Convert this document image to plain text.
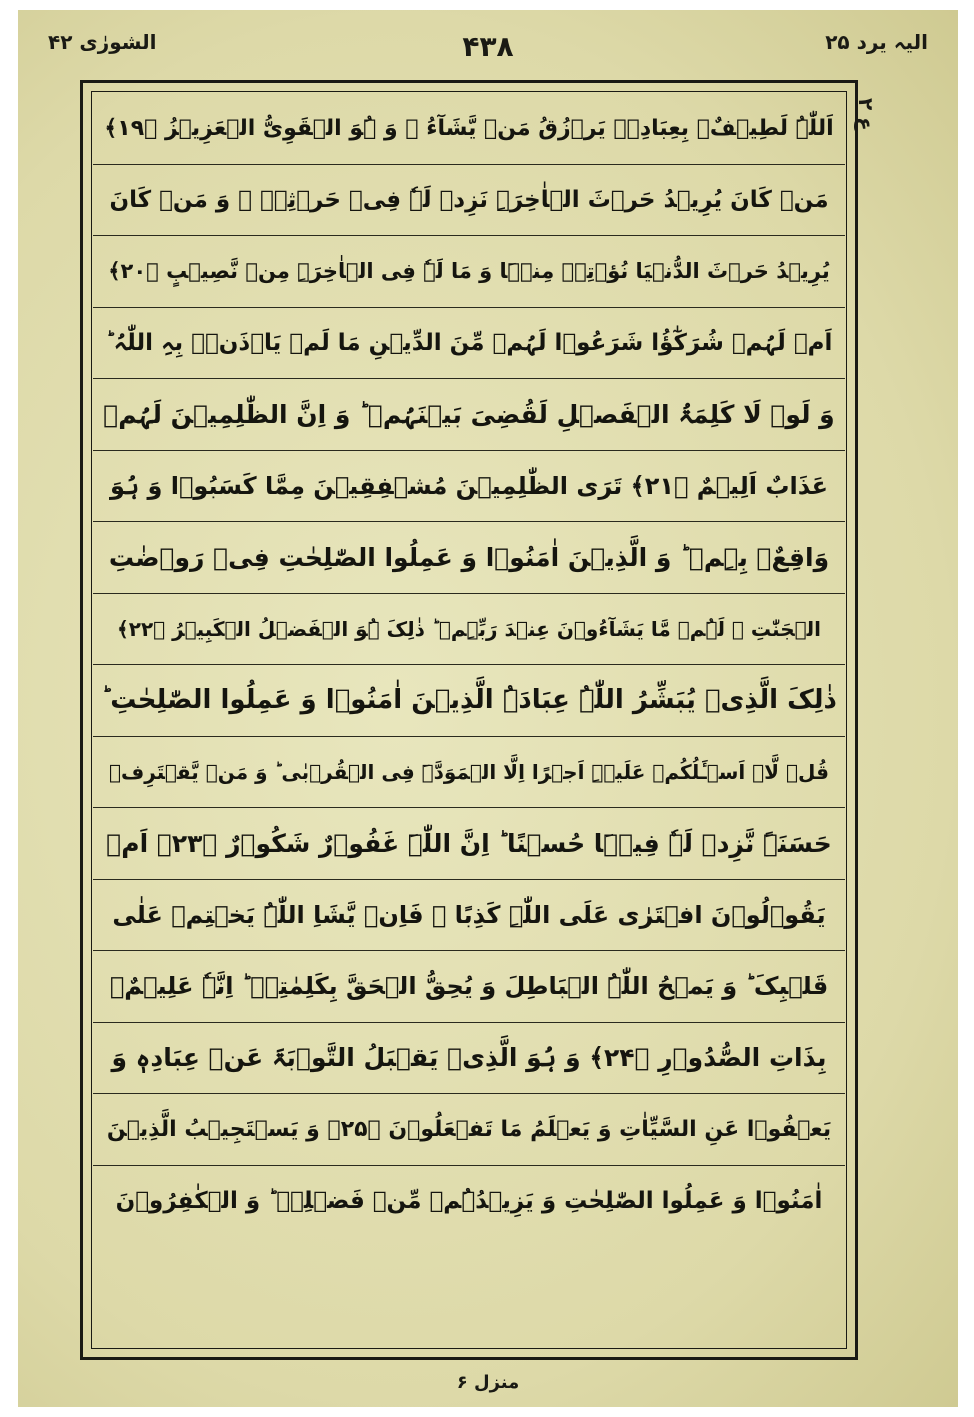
الشورٰی ۴۲	۴۳۸	الیہ یرد ۲۵
ع ۲
اَللّٰہُ لَطِیۡفٌۢ بِعِبَادِہٖ یَرۡزُقُ مَنۡ یَّشَآءُ ۚ وَ ہُوَ الۡقَوِیُّ الۡعَزِیۡزُ ﴿۱۹﴾
مَنۡ کَانَ یُرِیۡدُ حَرۡثَ الۡاٰخِرَۃِ نَزِدۡ لَہٗ فِیۡ حَرۡثِہٖ ۚ وَ مَنۡ کَانَ
یُرِیۡدُ حَرۡثَ الدُّنۡیَا نُؤۡتِہٖ مِنۡہَا وَ مَا لَہٗ فِی الۡاٰخِرَۃِ مِنۡ نَّصِیۡبٍ ﴿۲۰﴾
اَمۡ لَہُمۡ شُرَکٰٓؤُا شَرَعُوۡا لَہُمۡ مِّنَ الدِّیۡنِ مَا لَمۡ یَاۡذَنۡۢ بِہِ اللّٰہُ ؕ
وَ لَوۡ لَا کَلِمَۃُ الۡفَصۡلِ لَقُضِیَ بَیۡنَہُمۡ ؕ وَ اِنَّ الظّٰلِمِیۡنَ لَہُمۡ
عَذَابٌ اَلِیۡمٌ ﴿۲۱﴾ تَرَی الظّٰلِمِیۡنَ مُشۡفِقِیۡنَ مِمَّا کَسَبُوۡا وَ ہُوَ
وَاقِعٌۢ بِہِمۡ ؕ وَ الَّذِیۡنَ اٰمَنُوۡا وَ عَمِلُوا الصّٰلِحٰتِ فِیۡ رَوۡضٰتِ
الۡجَنّٰتِ ۚ لَہُمۡ مَّا یَشَآءُوۡنَ عِنۡدَ رَبِّہِمۡ ؕ ذٰلِکَ ہُوَ الۡفَضۡلُ الۡکَبِیۡرُ ﴿۲۲﴾
ذٰلِکَ الَّذِیۡ یُبَشِّرُ اللّٰہُ عِبَادَہُ الَّذِیۡنَ اٰمَنُوۡا وَ عَمِلُوا الصّٰلِحٰتِ ؕ
قُلۡ لَّاۤ اَسۡـَٔلُکُمۡ عَلَیۡہِ اَجۡرًا اِلَّا الۡمَوَدَّۃَ فِی الۡقُرۡبٰی ؕ وَ مَنۡ یَّقۡتَرِفۡ
حَسَنَۃً نَّزِدۡ لَہٗ فِیۡہَا حُسۡنًا ؕ اِنَّ اللّٰہَ غَفُوۡرٌ شَکُوۡرٌ ﴿۲۳﴾ اَمۡ
یَقُوۡلُوۡنَ افۡتَرٰی عَلَی اللّٰہِ کَذِبًا ۚ فَاِنۡ یَّشَاِ اللّٰہُ یَخۡتِمۡ عَلٰی
قَلۡبِکَ ؕ وَ یَمۡحُ اللّٰہُ الۡبَاطِلَ وَ یُحِقُّ الۡحَقَّ بِکَلِمٰتِہٖ ؕ اِنَّہٗ عَلِیۡمٌۢ
بِذَاتِ الصُّدُوۡرِ ﴿۲۴﴾ وَ ہُوَ الَّذِیۡ یَقۡبَلُ التَّوۡبَۃَ عَنۡ عِبَادِہٖ وَ
یَعۡفُوۡا عَنِ السَّیِّاٰتِ وَ یَعۡلَمُ مَا تَفۡعَلُوۡنَ ﴿۲۵﴾ وَ یَسۡتَجِیۡبُ الَّذِیۡنَ
اٰمَنُوۡا وَ عَمِلُوا الصّٰلِحٰتِ وَ یَزِیۡدُہُمۡ مِّنۡ فَضۡلِہٖ ؕ وَ الۡکٰفِرُوۡنَ
منزل ۶
